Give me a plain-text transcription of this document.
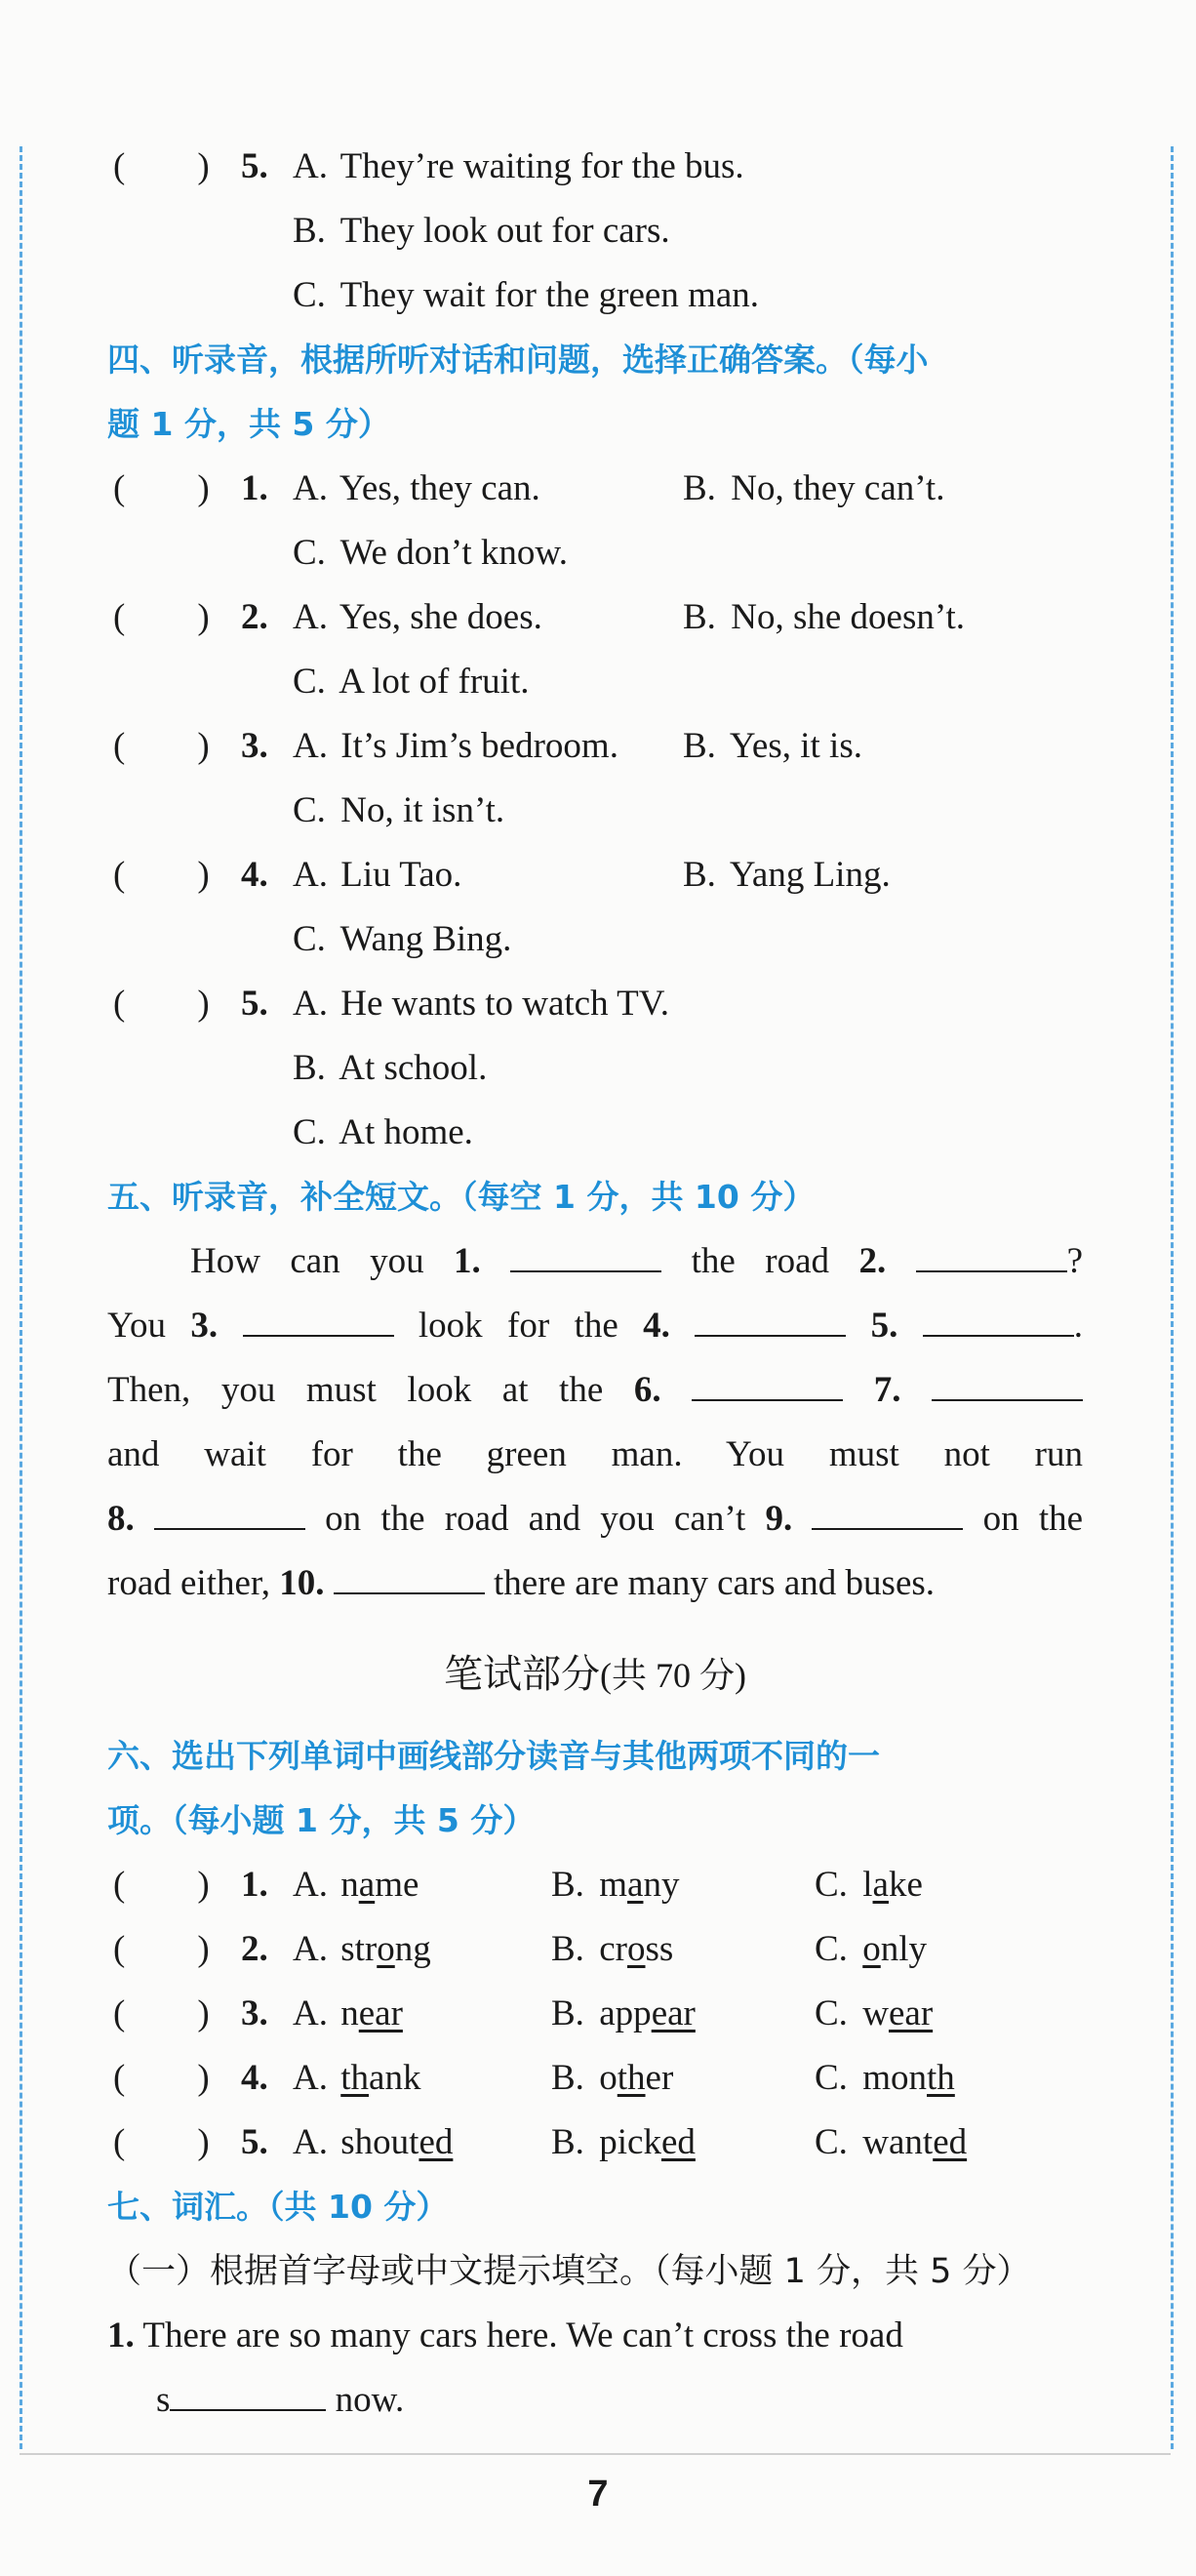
(　　) 5. A. They’re waiting for the bus.
B. They look out for cars.
C. They wait for the green man.
四、听录音，根据所听对话和问题，选择正确答案。（每小
题 1 分，共 5 分）
(　　) 1. A. Yes, they can.	B. No, they can’t.
C. We don’t know.
(　　) 2. A. Yes, she does.	B. No, she doesn’t.
C. A lot of fruit.
(　　) 3. A. It’s Jim’s bedroom. B. Yes, it is.
C. No, it isn’t.
(　　) 4. A. Liu Tao.	B. Yang Ling.
C. Wang Bing.
(　　) 5. A. He wants to watch TV.
B. At school.
C. At home.
五、听录音，补全短文。（每空 1 分，共 10 分）
How can you 1.	the road 2.	?
You 3.	look for the 4.	5.	.
Then, you must look at the 6.	7.
and wait for the green man. You must not run
8.	on the road and you can’t 9.	on the
road either, 10.	there are many cars and buses.
笔试部分(共 70 分)
六、选出下列单词中画线部分读音与其他两项不同的一
项。（每小题 1 分，共 5 分）
(　　) 1. A. name	B. many	C. lake
(　　) 2. A. strong	B. cross	C. only
(　　) 3. A. near	B. appear	C. wear
(　　) 4. A. thank	B. other	C. month
(　　) 5. A. shouted	B. picked	C. wanted
七、词汇。（共 10 分）
（一）根据首字母或中文提示填空。（每小题 1 分，共 5 分）
1. There are so many cars here. We can’t cross the road
s	now.
7
